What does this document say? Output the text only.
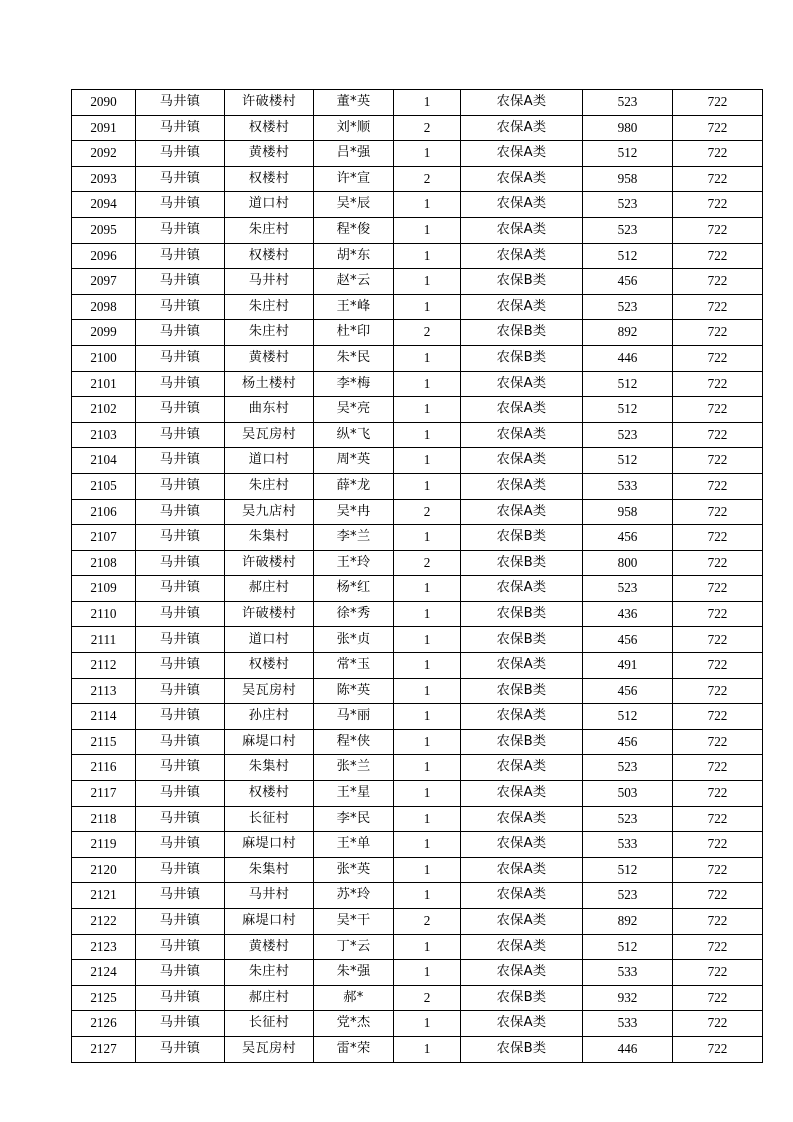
2090	马井镇	许破楼村	董*英	1	农保A类	523	722
2091	马井镇	权楼村	刘*顺	2	农保A类	980	722
2092	马井镇	黄楼村	吕*强	1	农保A类	512	722
2093	马井镇	权楼村	许*宣	2	农保A类	958	722
2094	马井镇	道口村	吴*辰	1	农保A类	523	722
2095	马井镇	朱庄村	程*俊	1	农保A类	523	722
2096	马井镇	权楼村	胡*东	1	农保A类	512	722
2097	马井镇	马井村	赵*云	1	农保B类	456	722
2098	马井镇	朱庄村	王*峰	1	农保A类	523	722
2099	马井镇	朱庄村	杜*印	2	农保B类	892	722
2100	马井镇	黄楼村	朱*民	1	农保B类	446	722
2101	马井镇	杨土楼村	李*梅	1	农保A类	512	722
2102	马井镇	曲东村	吴*亮	1	农保A类	512	722
2103	马井镇	吴瓦房村	纵*飞	1	农保A类	523	722
2104	马井镇	道口村	周*英	1	农保A类	512	722
2105	马井镇	朱庄村	薛*龙	1	农保A类	533	722
2106	马井镇	吴九店村	吴*冉	2	农保A类	958	722
2107	马井镇	朱集村	李*兰	1	农保B类	456	722
2108	马井镇	许破楼村	王*玲	2	农保B类	800	722
2109	马井镇	郝庄村	杨*红	1	农保A类	523	722
2110	马井镇	许破楼村	徐*秀	1	农保B类	436	722
2111	马井镇	道口村	张*贞	1	农保B类	456	722
2112	马井镇	权楼村	常*玉	1	农保A类	491	722
2113	马井镇	吴瓦房村	陈*英	1	农保B类	456	722
2114	马井镇	孙庄村	马*丽	1	农保A类	512	722
2115	马井镇	麻堤口村	程*侠	1	农保B类	456	722
2116	马井镇	朱集村	张*兰	1	农保A类	523	722
2117	马井镇	权楼村	王*星	1	农保A类	503	722
2118	马井镇	长征村	李*民	1	农保A类	523	722
2119	马井镇	麻堤口村	王*单	1	农保A类	533	722
2120	马井镇	朱集村	张*英	1	农保A类	512	722
2121	马井镇	马井村	苏*玲	1	农保A类	523	722
2122	马井镇	麻堤口村	吴*干	2	农保A类	892	722
2123	马井镇	黄楼村	丁*云	1	农保A类	512	722
2124	马井镇	朱庄村	朱*强	1	农保A类	533	722
2125	马井镇	郝庄村	郝*	2	农保B类	932	722
2126	马井镇	长征村	党*杰	1	农保A类	533	722
2127	马井镇	吴瓦房村	雷*荣	1	农保B类	446	722
